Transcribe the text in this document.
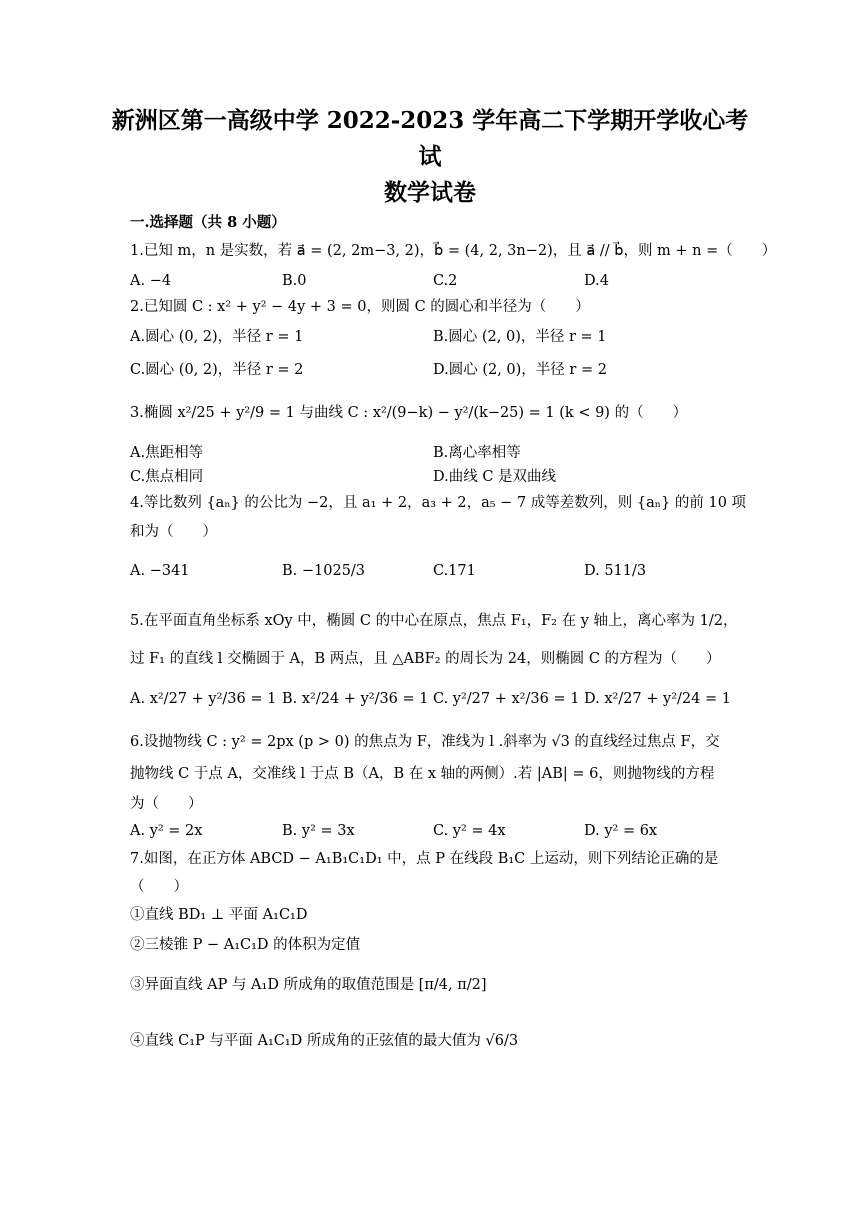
新洲区第一高级中学 2022-2023 学年高二下学期开学收心考
试
数学试卷
一.选择题（共 8 小题）
1.已知 m，n 是实数，若 a⃗ = (2, 2m−3, 2)，b⃗ = (4, 2, 3n−2)，且 a⃗ // b⃗，则 m + n =（　　）
A. −4	B.0	C.2	D.4
2.已知圆 C : x² + y² − 4y + 3 = 0，则圆 C 的圆心和半径为（　　）
A.圆心 (0, 2)，半径 r = 1	B.圆心 (2, 0)，半径 r = 1
C.圆心 (0, 2)，半径 r = 2	D.圆心 (2, 0)，半径 r = 2
3.椭圆 x²/25 + y²/9 = 1 与曲线 C : x²/(9−k) − y²/(k−25) = 1 (k < 9) 的（　　）
A.焦距相等	B.离心率相等
C.焦点相同	D.曲线 C 是双曲线
4.等比数列 {aₙ} 的公比为 −2，且 a₁ + 2，a₃ + 2，a₅ − 7 成等差数列，则 {aₙ} 的前 10 项
和为（　　）
A. −341	B. −1025/3	C.171	D. 511/3
5.在平面直角坐标系 xOy 中，椭圆 C 的中心在原点，焦点 F₁，F₂ 在 y 轴上，离心率为 1/2，
过 F₁ 的直线 l 交椭圆于 A，B 两点，且 △ABF₂ 的周长为 24，则椭圆 C 的方程为（　　）
A. x²/27 + y²/36 = 1 B. x²/24 + y²/36 = 1 C. y²/27 + x²/36 = 1 D. x²/27 + y²/24 = 1
6.设抛物线 C : y² = 2px (p > 0) 的焦点为 F，准线为 l .斜率为 √3 的直线经过焦点 F，交
抛物线 C 于点 A，交准线 l 于点 B（A，B 在 x 轴的两侧）.若 |AB| = 6，则抛物线的方程
为（　　）
A. y² = 2x	B. y² = 3x	C. y² = 4x	D. y² = 6x
7.如图，在正方体 ABCD − A₁B₁C₁D₁ 中，点 P 在线段 B₁C 上运动，则下列结论正确的是
（　　）
①直线 BD₁ ⊥ 平面 A₁C₁D
②三棱锥 P − A₁C₁D 的体积为定值
③异面直线 AP 与 A₁D 所成角的取值范围是 [π/4, π/2]
④直线 C₁P 与平面 A₁C₁D 所成角的正弦值的最大值为 √6/3
